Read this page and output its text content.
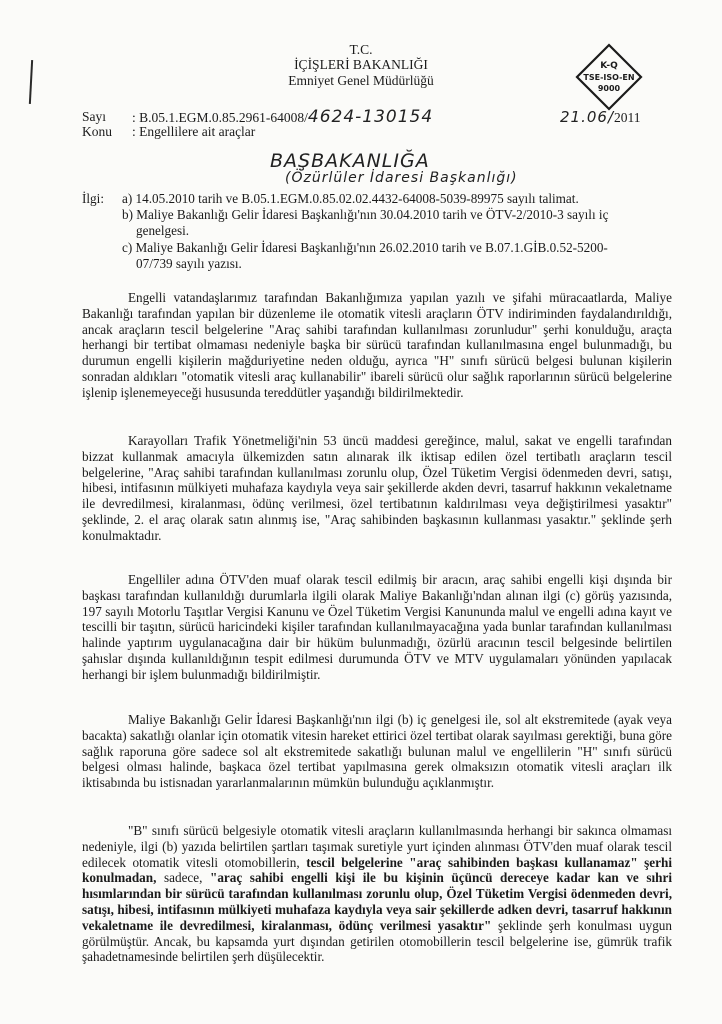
T.C.
İÇİŞLERİ BAKANLIĞI
Emniyet Genel Müdürlüğü
K-Q
TSE-ISO-EN
9000
Sayı : B.05.1.EGM.0.85.2961-64008/4624-130154	21.06/2011
Konu : Engellilere ait araçlar
BAŞBAKANLIĞA
(Özürlüler İdaresi Başkanlığı)
İlgi: a) 14.05.2010 tarih ve B.05.1.EGM.0.85.02.02.4432-64008-5039-89975 sayılı talimat.
b) Maliye Bakanlığı Gelir İdaresi Başkanlığı'nın 30.04.2010 tarih ve ÖTV-2/2010-3 sayılı iç
genelgesi.
c) Maliye Bakanlığı Gelir İdaresi Başkanlığı'nın 26.02.2010 tarih ve B.07.1.GİB.0.52-5200-
07/739 sayılı yazısı.
Engelli vatandaşlarımız tarafından Bakanlığımıza yapılan yazılı ve şifahi müracaatlarda, Maliye Bakanlığı tarafından yapılan bir düzenleme ile otomatik vitesli araçların ÖTV indiriminden faydalandırıldığı, ancak araçların tescil belgelerine "Araç sahibi tarafından kullanılması zorunludur" şerhi konulduğu, araçta herhangi bir tertibat olmaması nedeniyle başka bir sürücü tarafından kullanılmasına engel bulunmadığı, bu durumun engelli kişilerin mağduriyetine neden olduğu, ayrıca "H" sınıfı sürücü belgesi bulunan kişilerin sonradan aldıkları "otomatik vitesli araç kullanabilir" ibareli sürücü olur sağlık raporlarının sürücü belgelerine işlenip işlenemeyeceği hususunda tereddütler yaşandığı bildirilmektedir.
Karayolları Trafik Yönetmeliği'nin 53 üncü maddesi gereğince, malul, sakat ve engelli tarafından bizzat kullanmak amacıyla ülkemizden satın alınarak ilk iktisap edilen özel tertibatlı araçların tescil belgelerine, "Araç sahibi tarafından kullanılması zorunlu olup, Özel Tüketim Vergisi ödenmeden devri, satışı, hibesi, intifasının mülkiyeti muhafaza kaydıyla veya sair şekillerde akden devri, tasarruf hakkının vekaletname ile devredilmesi, kiralanması, ödünç verilmesi, özel tertibatının kaldırılması veya değiştirilmesi yasaktır" şeklinde, 2. el araç olarak satın alınmış ise, "Araç sahibinden başkasının kullanması yasaktır." şeklinde şerh konulmaktadır.
Engelliler adına ÖTV'den muaf olarak tescil edilmiş bir aracın, araç sahibi engelli kişi dışında bir başkası tarafından kullanıldığı durumlarla ilgili olarak Maliye Bakanlığı'ndan alınan ilgi (c) görüş yazısında, 197 sayılı Motorlu Taşıtlar Vergisi Kanunu ve Özel Tüketim Vergisi Kanununda malul ve engelli adına kayıt ve tescilli bir taşıtın, sürücü haricindeki kişiler tarafından kullanılmayacağına yada bunlar tarafından kullanılması halinde yaptırım uygulanacağına dair bir hüküm bulunmadığı, özürlü aracının tescil belgesinde belirtilen şahıslar dışında kullanıldığının tespit edilmesi durumunda ÖTV ve MTV uygulamaları yönünden yapılacak herhangi bir işlem bulunmadığı bildirilmiştir.
Maliye Bakanlığı Gelir İdaresi Başkanlığı'nın ilgi (b) iç genelgesi ile, sol alt ekstremitede (ayak veya bacakta) sakatlığı olanlar için otomatik vitesin hareket ettirici özel tertibat olarak sayılması gerektiği, buna göre sağlık raporuna göre sadece sol alt ekstremitede sakatlığı bulunan malul ve engellilerin "H" sınıfı sürücü belgesi olması halinde, başkaca özel tertibat yapılmasına gerek olmaksızın otomatik vitesli araçları ilk iktisabında bu istisnadan yararlanmalarının mümkün bulunduğu açıklanmıştır.
"B" sınıfı sürücü belgesiyle otomatik vitesli araçların kullanılmasında herhangi bir sakınca olmaması nedeniyle, ilgi (b) yazıda belirtilen şartları taşımak suretiyle yurt içinden alınması ÖTV'den muaf olarak tescil edilecek otomatik vitesli otomobillerin, tescil belgelerine "araç sahibinden başkası kullanamaz" şerhi konulmadan, sadece, "araç sahibi engelli kişi ile bu kişinin üçüncü dereceye kadar kan ve sıhri hısımlarından bir sürücü tarafından kullanılması zorunlu olup, Özel Tüketim Vergisi ödenmeden devri, satışı, hibesi, intifasının mülkiyeti muhafaza kaydıyla veya sair şekillerde adken devri, tasarruf hakkının vekaletname ile devredilmesi, kiralanması, ödünç verilmesi yasaktır" şeklinde şerh konulması uygun görülmüştür. Ancak, bu kapsamda yurt dışından getirilen otomobillerin tescil belgelerine ise, gümrük trafik şahadetnamesinde belirtilen şerh düşülecektir.
